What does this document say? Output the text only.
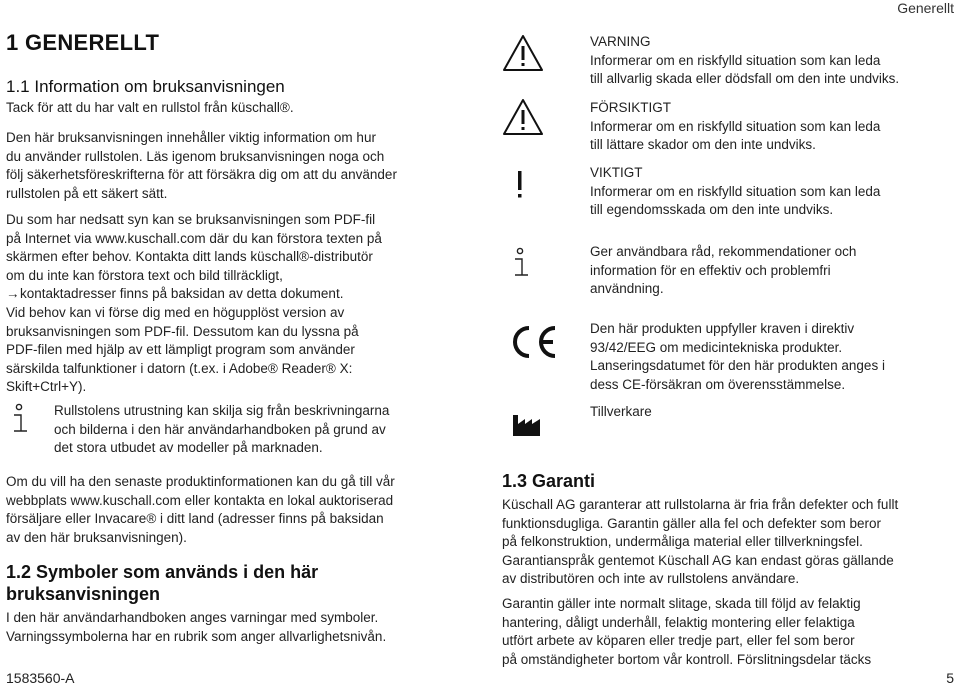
Generellt
1 GENERELLT
1.1 Information om bruksanvisningen
Tack för att du har valt en rullstol från küschall®.
Den här bruksanvisningen innehåller viktig information om hur
du använder rullstolen. Läs igenom bruksanvisningen noga och
följ säkerhetsföreskrifterna för att försäkra dig om att du använder
rullstolen på ett säkert sätt.
Du som har nedsatt syn kan se bruksanvisningen som PDF-fil
på Internet via www.kuschall.com där du kan förstora texten på
skärmen efter behov. Kontakta ditt lands küschall®-distributör
om du inte kan förstora text och bild tillräckligt,
→kontaktadresser finns på baksidan av detta dokument.
Vid behov kan vi förse dig med en högupplöst version av
bruksanvisningen som PDF-fil. Dessutom kan du lyssna på
PDF-filen med hjälp av ett lämpligt program som använder
särskilda talfunktioner i datorn (t.ex. i Adobe® Reader® X:
Skift+Ctrl+Y).
Rullstolens utrustning kan skilja sig från beskrivningarna
och bilderna i den här användarhandboken på grund av
det stora utbudet av modeller på marknaden.
Om du vill ha den senaste produktinformationen kan du gå till vår
webbplats www.kuschall.com eller kontakta en lokal auktoriserad
försäljare eller Invacare® i ditt land (adresser finns på baksidan
av den här bruksanvisningen).
1.2 Symboler som används i den här
bruksanvisningen
I den här användarhandboken anges varningar med symboler.
Varningssymbolerna har en rubrik som anger allvarlighetsnivån.
VARNING
Informerar om en riskfylld situation som kan leda
till allvarlig skada eller dödsfall om den inte undviks.
FÖRSIKTIGT
Informerar om en riskfylld situation som kan leda
till lättare skador om den inte undviks.
VIKTIGT
Informerar om en riskfylld situation som kan leda
till egendomsskada om den inte undviks.
Ger användbara råd, rekommendationer och
information för en effektiv och problemfri
användning.
Den här produkten uppfyller kraven i direktiv
93/42/EEG om medicintekniska produkter.
Lanseringsdatumet för den här produkten anges i
dess CE-försäkran om överensstämmelse.
Tillverkare
1.3 Garanti
Küschall AG garanterar att rullstolarna är fria från defekter och fullt
funktionsdugliga. Garantin gäller alla fel och defekter som beror
på felkonstruktion, undermåliga material eller tillverkningsfel.
Garantianspråk gentemot Küschall AG kan endast göras gällande
av distributören och inte av rullstolens användare.
Garantin gäller inte normalt slitage, skada till följd av felaktig
hantering, dåligt underhåll, felaktig montering eller felaktiga
utfört arbete av köparen eller tredje part, eller fel som beror
på omständigheter bortom vår kontroll. Förslitningsdelar täcks
1583560-A	5
